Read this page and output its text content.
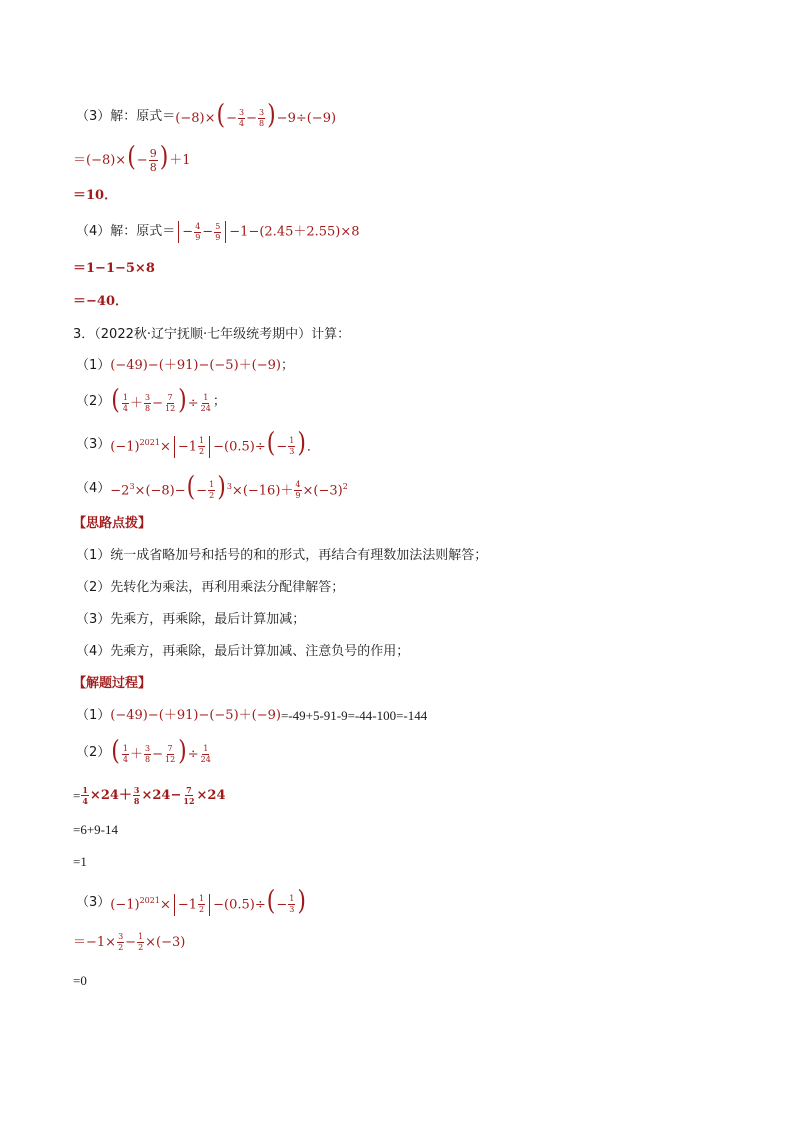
（3）解：原式＝ $(-8)\times(- \frac{3}{4} - \frac{3}{8} )-9\div(-9)$
$=(-8)\times(- \frac{9}{8} )+1$
＝10．
（4）解：原式＝ − $\frac{4}{9} - \frac{5}{9} -1-(2.45+2.55)\times 8$
＝1−1−5×8
＝−40．
3．（2022秋·辽宁抚顺·七年级统考期中）计算：
（1） (−49)−(＋91)−(−5)＋(−9) ；
（2） ( $\frac{1}{4} + \frac{3}{8} - \frac{7}{12}$ )÷ $\frac{1}{24}$ ；
（3） $(-1)^{2021}\times -1 \frac{1}{2} -(0.5)\div(- \frac{1}{3}$ )．
$(4) -2^3\times(-8)-(- \frac{1}{2} )^3\times(-16)+ \frac{4}{9} \times(-3)^2$
【思路点拨】
（1）统一成省略加号和括号的和的形式，再结合有理数加法法则解答；
（2）先转化为乘法，再利用乘法分配律解答；
（3）先乘方，再乘除，最后计算加减；
（4）先乘方，再乘除，最后计算加减、注意负号的作用；
【解题过程】
（1） (−49)−(＋91)−(−5)＋(−9) =-49+5-91-9=-44-100=-144
（2） ( $\frac{1}{4} + \frac{3}{8} - \frac{7}{12}$ )÷ $\frac{1}{24}$
= $\frac{1}{4} \times 24+ \frac{3}{8} \times 24- \frac{7}{12} \times 24$
=6+9-14
=1
（3） $(-1)^{2021}\times -1 \frac{1}{2} -(0.5)\div(- \frac{1}{3}$ )
$=-1\times \frac{3}{2} - \frac{1}{2} \times(-3)$
=0
